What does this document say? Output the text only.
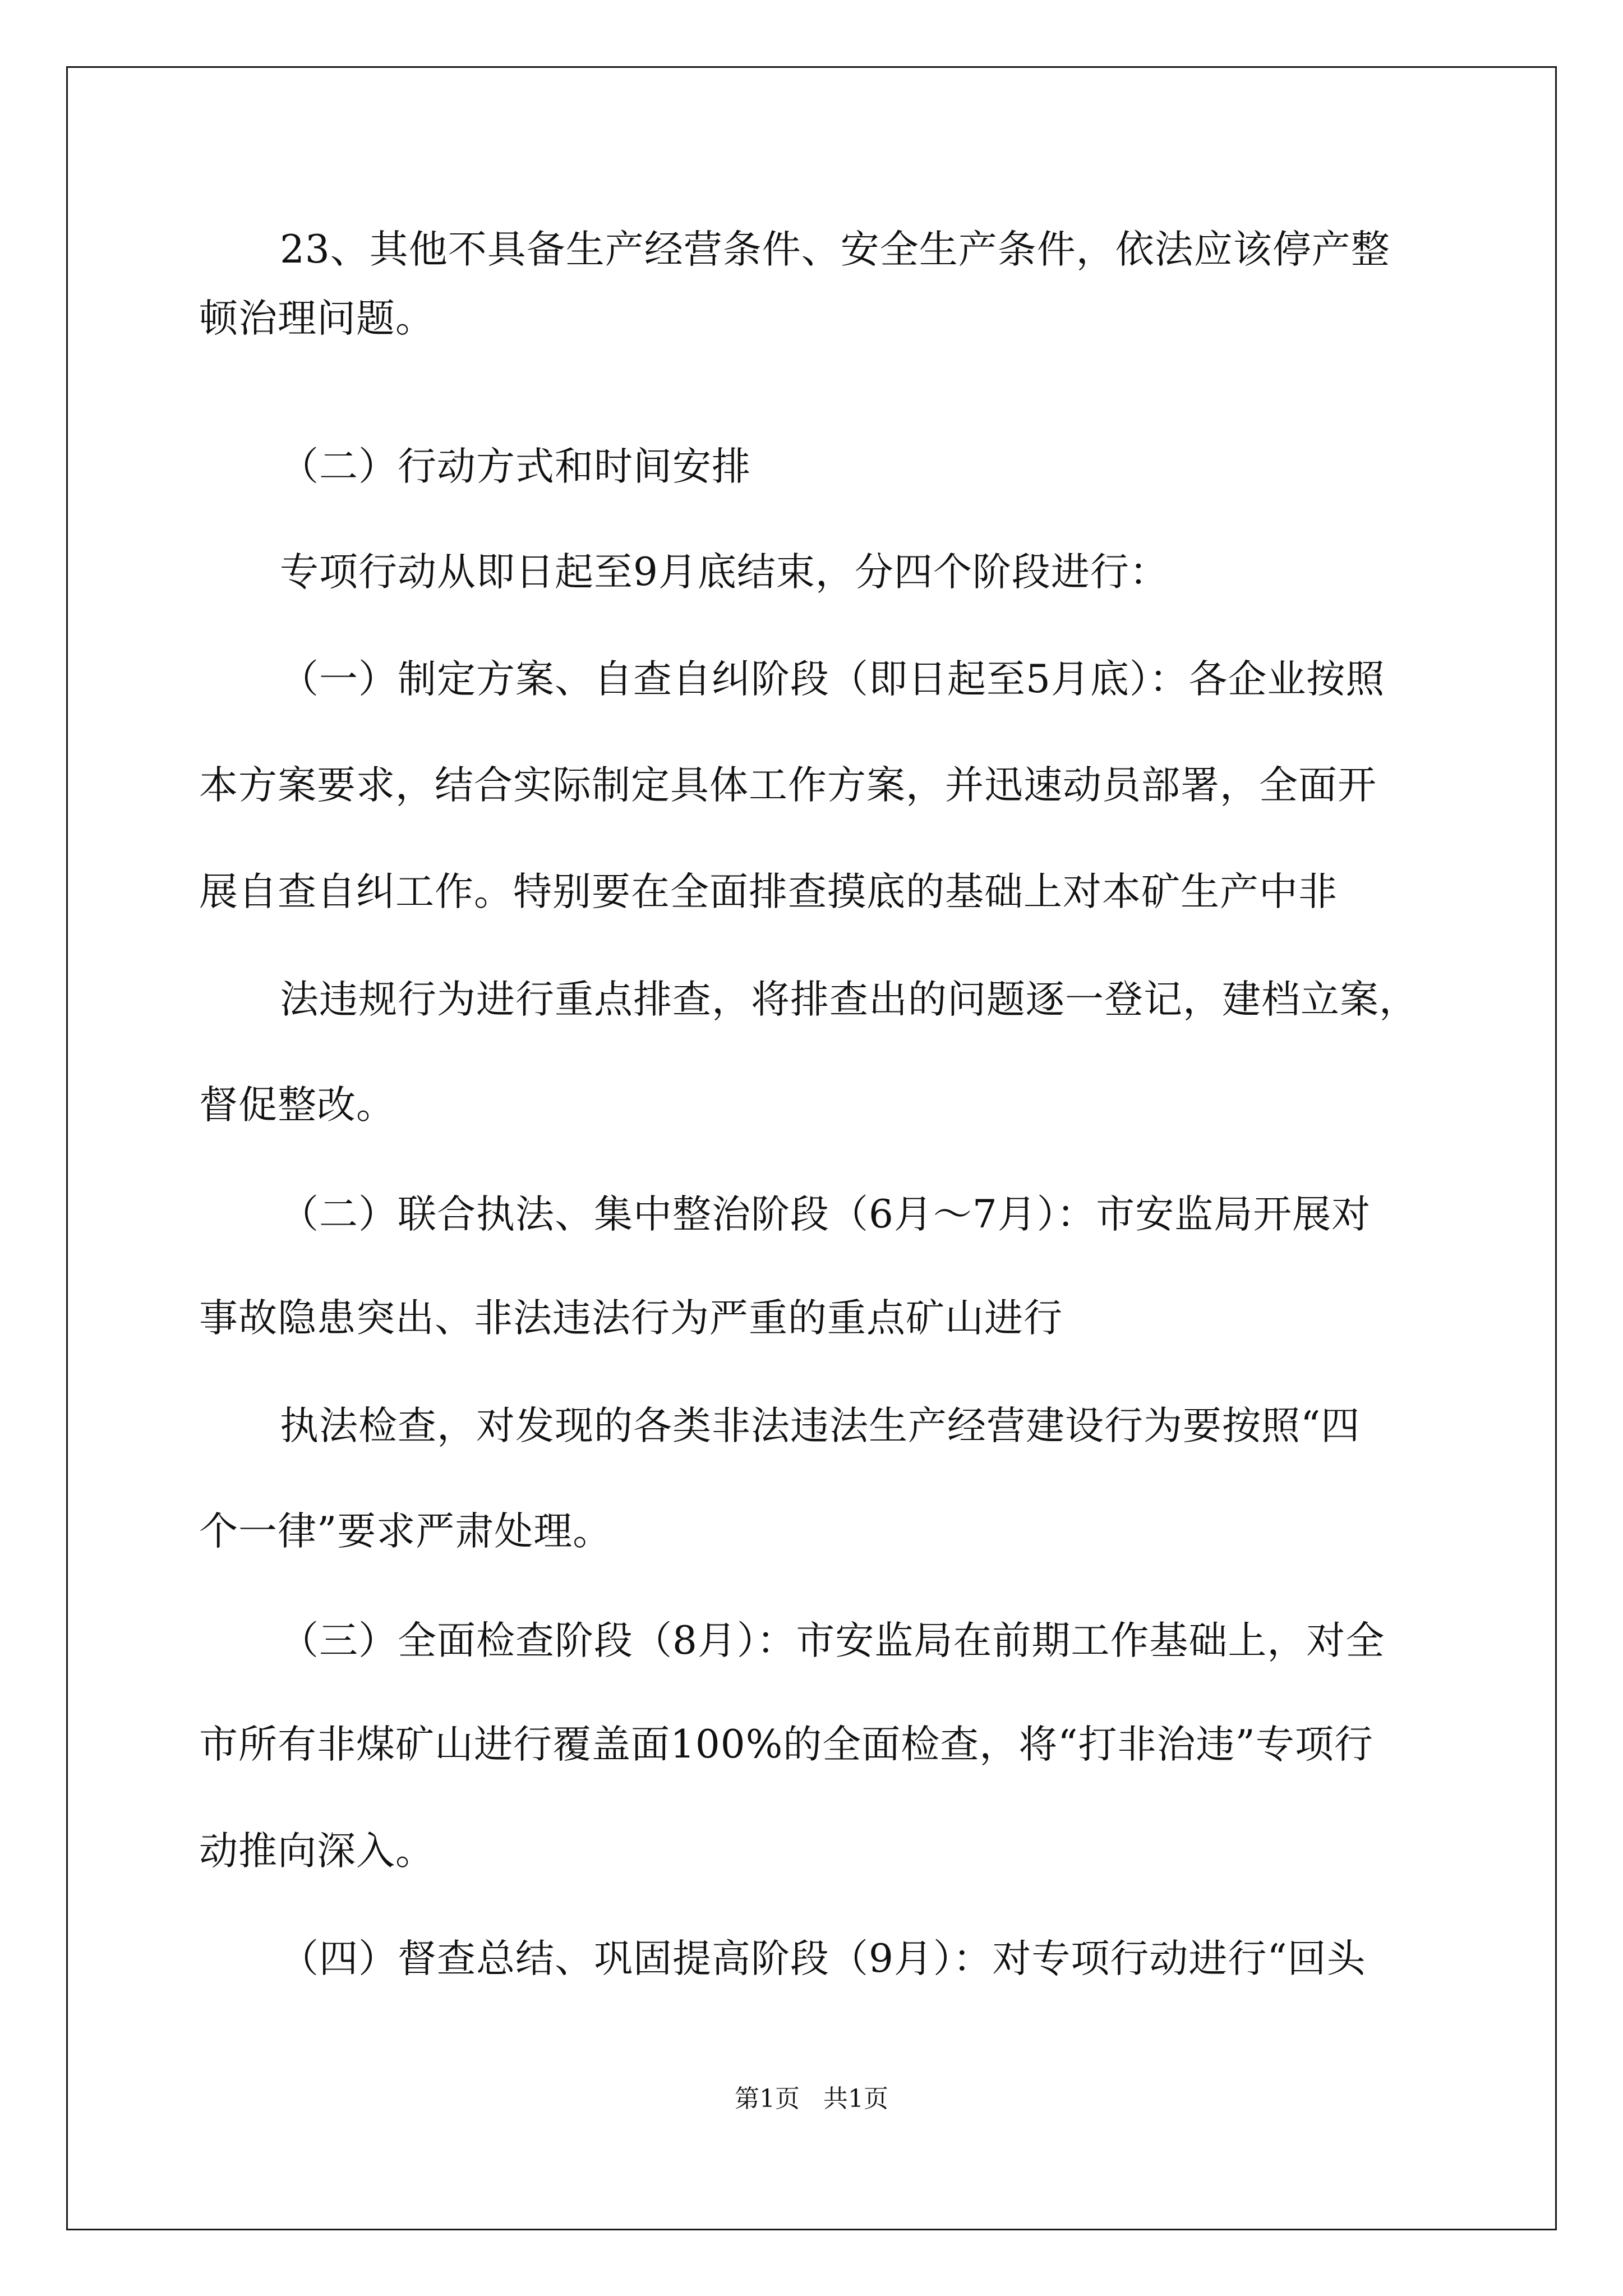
23、其他不具备生产经营条件、安全生产条件，依法应该停产整
顿治理问题。
（二）行动方式和时间安排
专项行动从即日起至9月底结束，分四个阶段进行：
（一）制定方案、自查自纠阶段（即日起至5月底）：各企业按照
本方案要求，结合实际制定具体工作方案，并迅速动员部署，全面开
展自查自纠工作。特别要在全面排查摸底的基础上对本矿生产中非
法违规行为进行重点排查，将排查出的问题逐一登记，建档立案，
督促整改。
（二）联合执法、集中整治阶段（6月～7月）：市安监局开展对
事故隐患突出、非法违法行为严重的重点矿山进行
执法检查，对发现的各类非法违法生产经营建设行为要按照“四
个一律”要求严肃处理。
（三）全面检查阶段（8月）：市安监局在前期工作基础上，对全
市所有非煤矿山进行覆盖面100%的全面检查，将“打非治违”专项行
动推向深入。
（四）督查总结、巩固提高阶段（9月）：对专项行动进行“回头
第1页   共1页
